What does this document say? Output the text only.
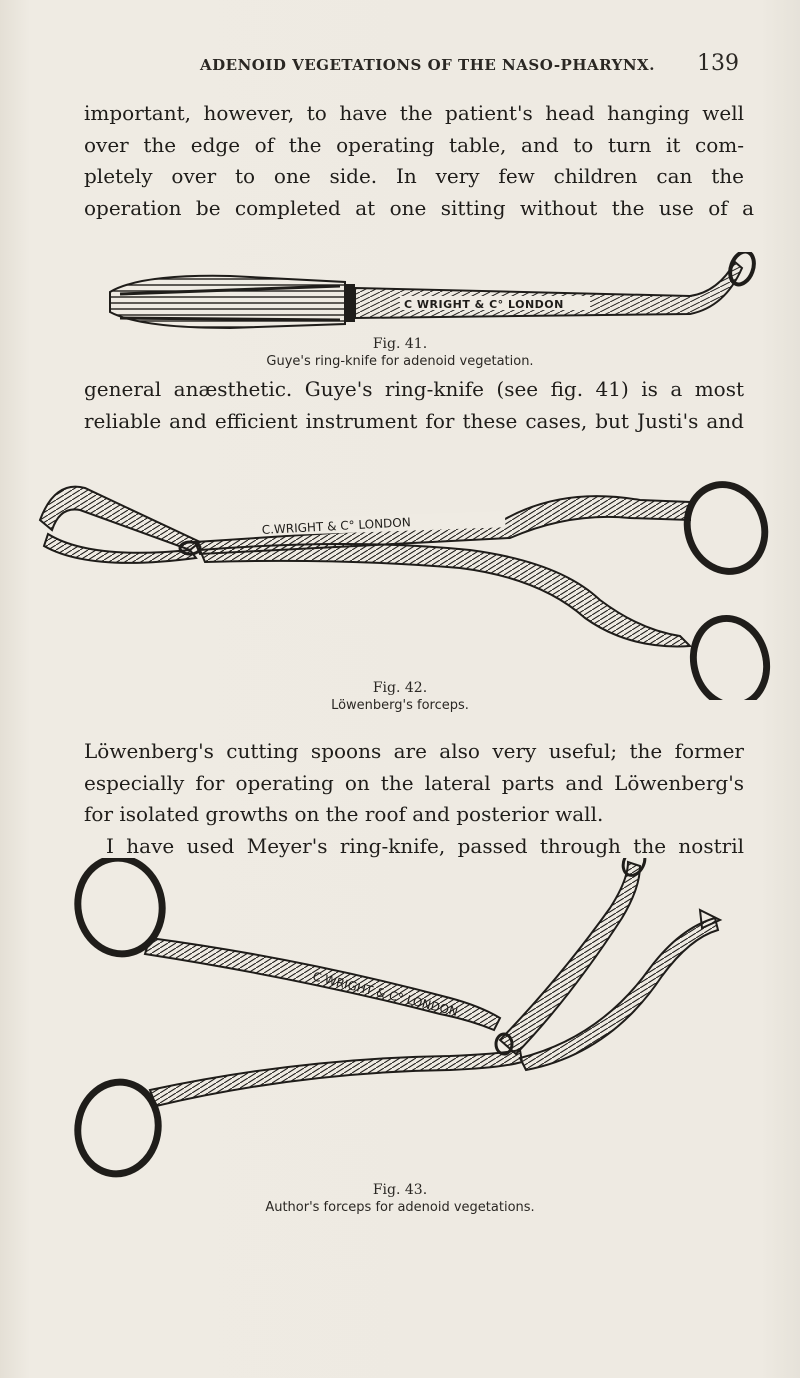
ADENOID VEGETATIONS OF THE NASO-PHARYNX. 139
important, however, to have the patient's head hanging well
over the edge of the operating table, and to turn it com-
pletely over to one side. In very few children can the
operation be completed at one sitting without the use of a
C WRIGHT & C° LONDON
Fig. 41.
Guye's ring-knife for adenoid vegetation.
general anæsthetic. Guye's ring-knife (see fig. 41) is a most
reliable and efficient instrument for these cases, but Justi's and
C.WRIGHT & C° LONDON
Fig. 42.
Löwenberg's forceps.
Löwenberg's cutting spoons are also very useful; the former
especially for operating on the lateral parts and Löwenberg's
for isolated growths on the roof and posterior wall.
I have used Meyer's ring-knife, passed through the nostril
C WRIGHT & C° LONDON
Fig. 43.
Author's forceps for adenoid vegetations.
